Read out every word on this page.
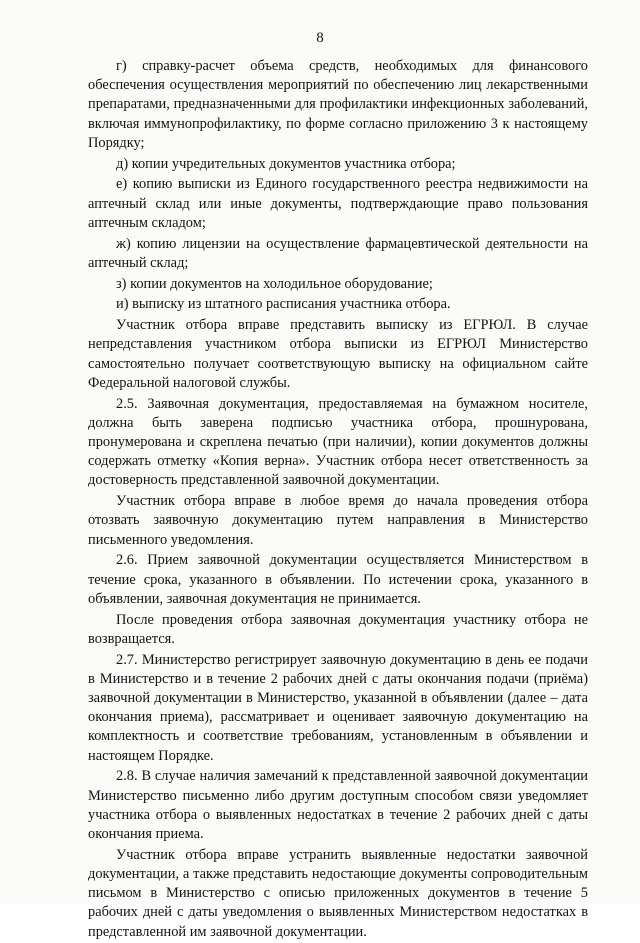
8

г) справку-расчет объема средств, необходимых для финансового обеспечения осуществления мероприятий по обеспечению лиц лекарственными препаратами, предназначенными для профилактики инфекционных заболеваний, включая иммунопрофилактику, по форме согласно приложению 3 к настоящему Порядку;

д) копии учредительных документов участника отбора;

е) копию выписки из Единого государственного реестра недвижимости на аптечный склад или иные документы, подтверждающие право пользования аптечным складом;

ж) копию лицензии на осуществление фармацевтической деятельности на аптечный склад;

з) копии документов на холодильное оборудование;

и) выписку из штатного расписания участника отбора.

Участник отбора вправе представить выписку из ЕГРЮЛ. В случае непредставления участником отбора выписки из ЕГРЮЛ Министерство самостоятельно получает соответствующую выписку на официальном сайте Федеральной налоговой службы.

2.5. Заявочная документация, предоставляемая на бумажном носителе, должна быть заверена подписью участника отбора, прошнурована, пронумерована и скреплена печатью (при наличии), копии документов должны содержать отметку «Копия верна». Участник отбора несет ответственность за достоверность представленной заявочной документации.

Участник отбора вправе в любое время до начала проведения отбора отозвать заявочную документацию путем направления в Министерство письменного уведомления.

2.6. Прием заявочной документации осуществляется Министерством в течение срока, указанного в объявлении. По истечении срока, указанного в объявлении, заявочная документация не принимается.

После проведения отбора заявочная документация участнику отбора не возвращается.

2.7. Министерство регистрирует заявочную документацию в день ее подачи в Министерство и в течение 2 рабочих дней с даты окончания подачи (приёма) заявочной документации в Министерство, указанной в объявлении (далее – дата окончания приема), рассматривает и оценивает заявочную документацию на комплектность и соответствие требованиям, установленным в объявлении и настоящем Порядке.

2.8. В случае наличия замечаний к представленной заявочной документации Министерство письменно либо другим доступным способом связи уведомляет участника отбора о выявленных недостатках в течение 2 рабочих дней с даты окончания приема.

Участник отбора вправе устранить выявленные недостатки заявочной документации, а также представить недостающие документы сопроводительным письмом в Министерство с описью приложенных документов в течение 5 рабочих дней с даты уведомления о выявленных Министерством недостатках в представленной им заявочной документации.
